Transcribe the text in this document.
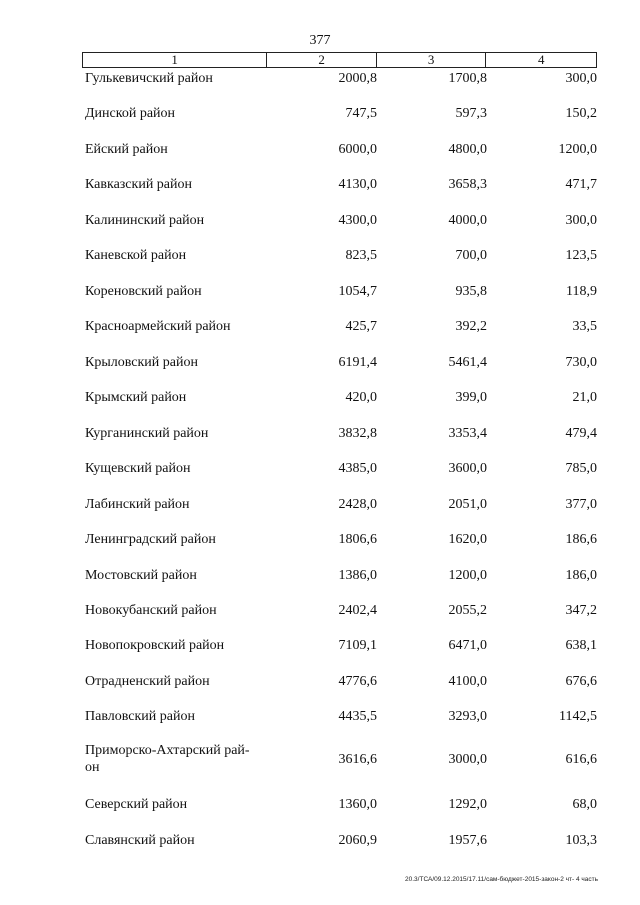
377
1	2	3	4
Гулькевичский район	2000,8	1700,8	300,0
Динской район	747,5	597,3	150,2
Ейский район	6000,0	4800,0	1200,0
Кавказский район	4130,0	3658,3	471,7
Калининский район	4300,0	4000,0	300,0
Каневской район	823,5	700,0	123,5
Кореновский район	1054,7	935,8	118,9
Красноармейский район	425,7	392,2	33,5
Крыловский район	6191,4	5461,4	730,0
Крымский район	420,0	399,0	21,0
Курганинский район	3832,8	3353,4	479,4
Кущевский район	4385,0	3600,0	785,0
Лабинский район	2428,0	2051,0	377,0
Ленинградский район	1806,6	1620,0	186,6
Мостовский район	1386,0	1200,0	186,0
Новокубанский район	2402,4	2055,2	347,2
Новопокровский район	7109,1	6471,0	638,1
Отрадненский район	4776,6	4100,0	676,6
Павловский район	4435,5	3293,0	1142,5
Приморско-Ахтарский рай-
он
3616,6	3000,0	616,6
Северский район	1360,0	1292,0	68,0
Славянский район	2060,9	1957,6	103,3
20.3/ТСА/09.12.2015/17.11/сам-бюджет-2015-закон-2 чт- 4 часть
